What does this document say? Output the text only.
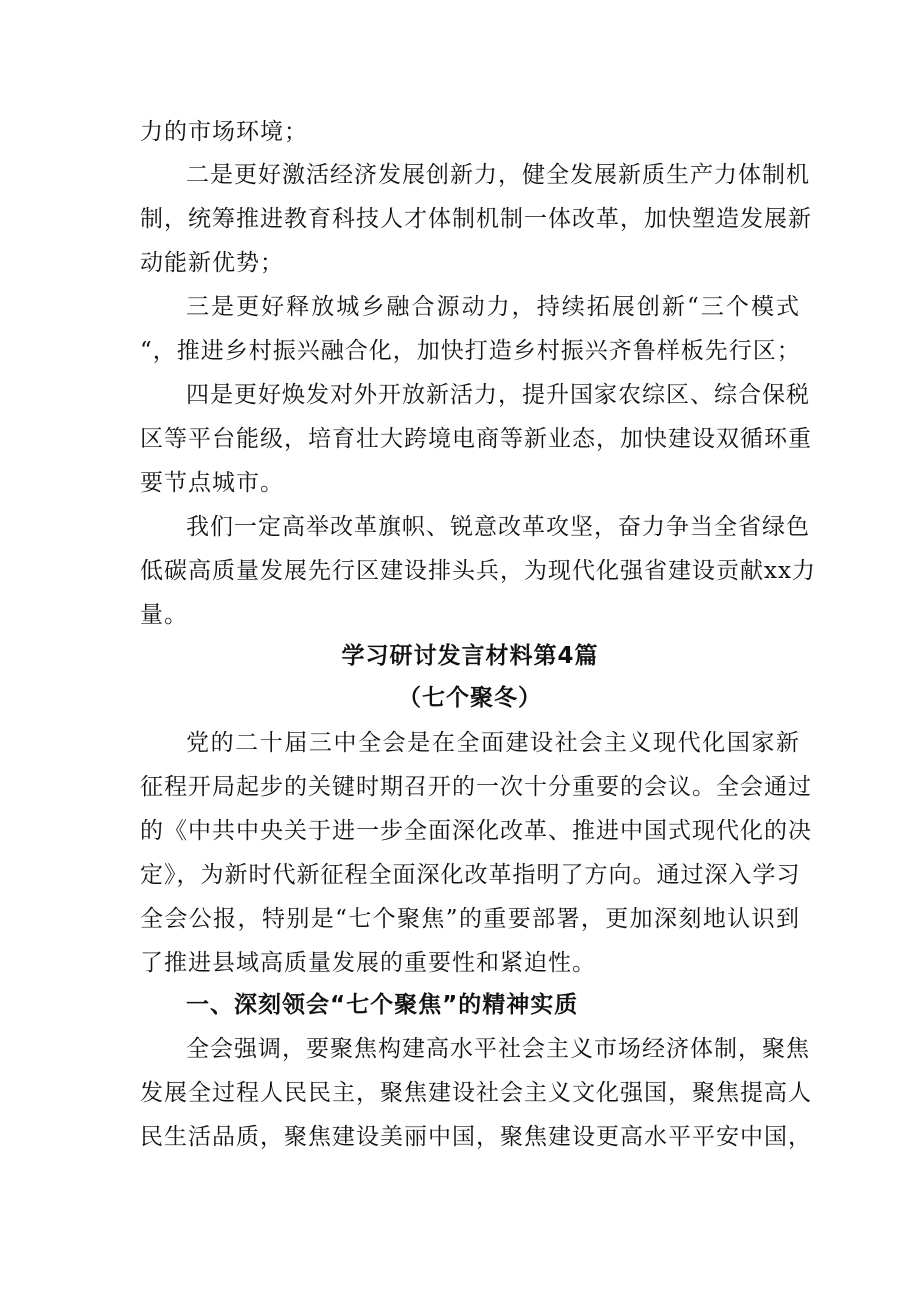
力的市场环境；
二是更好激活经济发展创新力，健全发展新质生产力体制机
制，统筹推进教育科技人才体制机制一体改革，加快塑造发展新
动能新优势；
三是更好释放城乡融合源动力，持续拓展创新“三个模式
“，推进乡村振兴融合化，加快打造乡村振兴齐鲁样板先行区；
四是更好焕发对外开放新活力，提升国家农综区、综合保税
区等平台能级，培育壮大跨境电商等新业态，加快建设双循环重
要节点城市。
我们一定高举改革旗帜、锐意改革攻坚，奋力争当全省绿色
低碳高质量发展先行区建设排头兵，为现代化强省建设贡献xx力
量。
学习研讨发言材料第4篇
（七个聚冬）
党的二十届三中全会是在全面建设社会主义现代化国家新
征程开局起步的关键时期召开的一次十分重要的会议。全会通过
的《中共中央关于进一步全面深化改革、推进中国式现代化的决
定》，为新时代新征程全面深化改革指明了方向。通过深入学习
全会公报，特别是“七个聚焦”的重要部署，更加深刻地认识到
了推进县域高质量发展的重要性和紧迫性。
一、深刻领会“七个聚焦”的精神实质
全会强调，要聚焦构建高水平社会主义市场经济体制，聚焦
发展全过程人民民主，聚焦建设社会主义文化强国，聚焦提高人
民生活品质，聚焦建设美丽中国，聚焦建设更高水平平安中国，
